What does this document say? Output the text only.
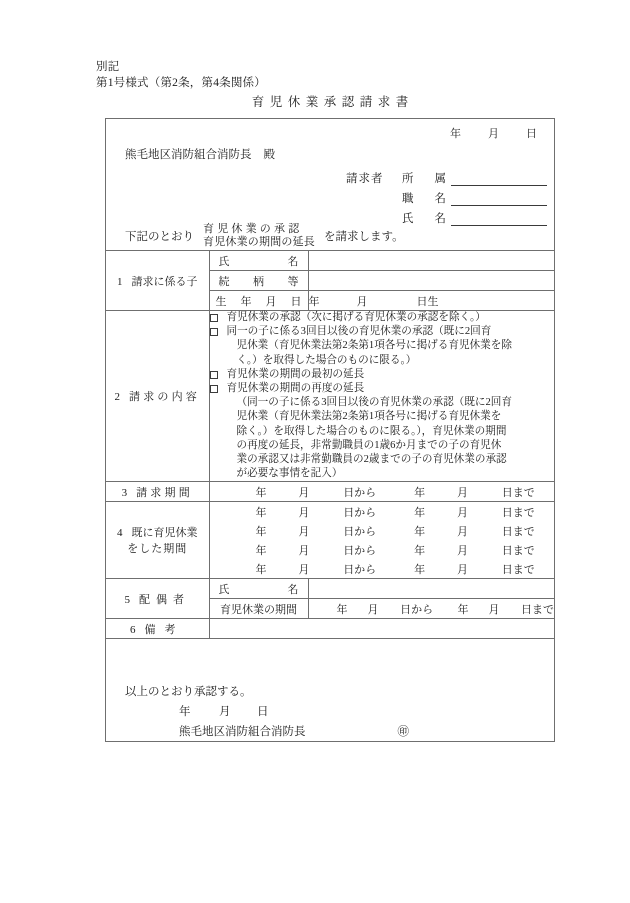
別記
第1号様式（第2条，第4条関係）
育児休業承認請求書
年 月 日
熊毛地区消防組合消防長 殿
請求者	所 属
職 名
氏 名
下記のとおり
育児休業の承認
育児休業の期間の延長 を請求します。
1 請求に係る子	氏 名	

	続 柄 等	

	生 年 月 日	年 月 日生
2 請求の内容	
育児休業の承認（次に掲げる育児休業の承認を除く。）
同一の子に係る3回目以後の育児休業の承認（既に2回育
児休業（育児休業法第2条第1項各号に掲げる育児休業を除
く。）を取得した場合のものに限る。）
育児休業の期間の最初の延長
育児休業の期間の再度の延長
（同一の子に係る3回目以後の育児休業の承認（既に2回育
児休業（育児休業法第2条第1項各号に掲げる育児休業を
除く。）を取得した場合のものに限る。），育児休業の期間
の再度の延長，非常勤職員の1歳6か月までの子の育児休
業の承認又は非常勤職員の2歳までの子の育児休業の承認
が必要な事情を記入）

3 請求期間	年	月	日から	年	月	日まで

4 既に育児休業
をした期間	
年	月	日から	年	月	日まで
年	月	日から	年	月	日まで
年	月	日から	年	月	日まで
年	月	日から	年	月	日まで

5 配偶者	氏 名	

育児休業の期間	年	月	日から	年	月	日まで

6 備考		
以上のとおり承認する。
年 月 日
熊毛地区消防組合消防長	㊞
